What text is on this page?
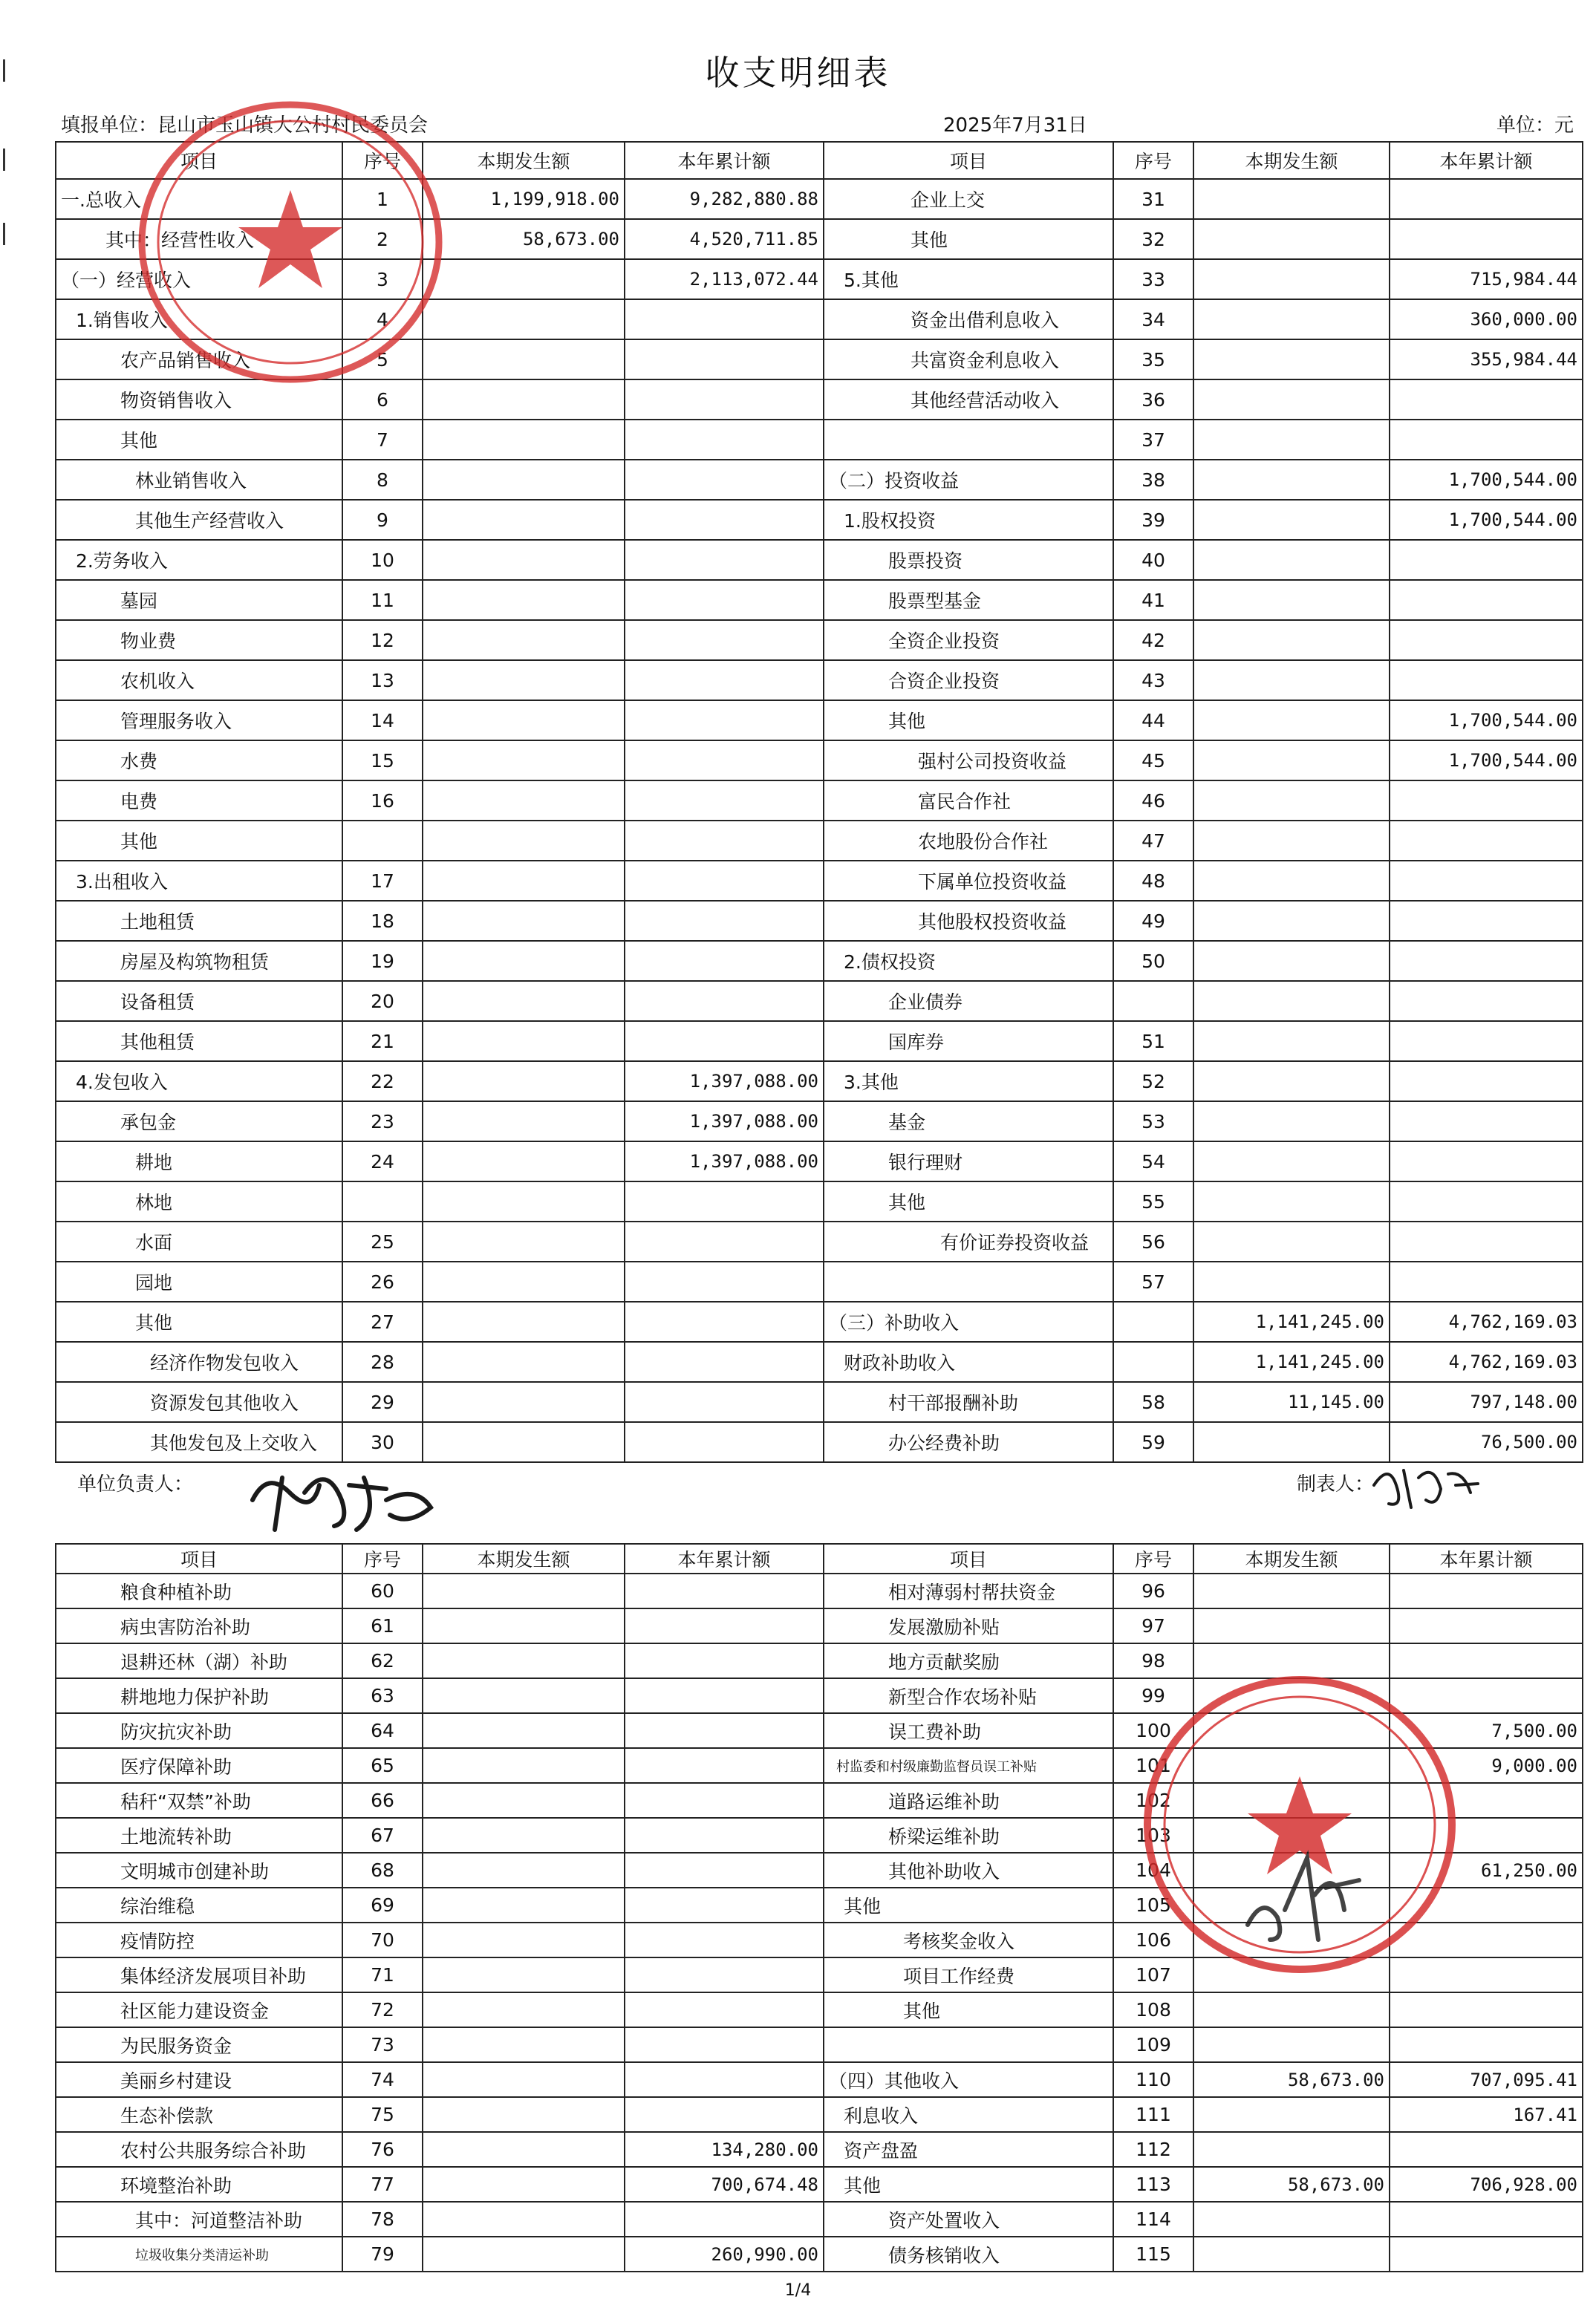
收支明细表
填报单位：昆山市玉山镇大公村村民委员会	2025年7月31日	单位：元
项目	序号	本期发生额	本年累计额	项目	序号	本期发生额	本年累计额
一.总收入	1	1,199,918.00	9,282,880.88	企业上交	31		
其中：经营性收入	2	58,673.00	4,520,711.85	其他	32		
（一）经营收入	3		2,113,072.44	5.其他	33		715,984.44
1.销售收入	4			资金出借利息收入	34		360,000.00
农产品销售收入	5			共富资金利息收入	35		355,984.44
物资销售收入	6			其他经营活动收入	36		
其他	7				37		
林业销售收入	8			（二）投资收益	38		1,700,544.00
其他生产经营收入	9			1.股权投资	39		1,700,544.00
2.劳务收入	10			股票投资	40		
墓园	11			股票型基金	41		
物业费	12			全资企业投资	42		
农机收入	13			合资企业投资	43		
管理服务收入	14			其他	44		1,700,544.00
水费	15			强村公司投资收益	45		1,700,544.00
电费	16			富民合作社	46		
其他				农地股份合作社	47		
3.出租收入	17			下属单位投资收益	48		
土地租赁	18			其他股权投资收益	49		
房屋及构筑物租赁	19			2.债权投资	50		
设备租赁	20			企业债券			
其他租赁	21			国库券	51		
4.发包收入	22		1,397,088.00	3.其他	52		
承包金	23		1,397,088.00	基金	53		
耕地	24		1,397,088.00	银行理财	54		
林地				其他	55		
水面	25			有价证券投资收益	56		
园地	26				57		
其他	27			（三）补助收入		1,141,245.00	4,762,169.03
经济作物发包收入	28			财政补助收入		1,141,245.00	4,762,169.03
资源发包其他收入	29			村干部报酬补助	58	11,145.00	797,148.00
其他发包及上交收入	30			办公经费补助	59		76,500.00
单位负责人：	制表人：
项目	序号	本期发生额	本年累计额	项目	序号	本期发生额	本年累计额
粮食种植补助	60			相对薄弱村帮扶资金	96		
病虫害防治补助	61			发展激励补贴	97		
退耕还林（湖）补助	62			地方贡献奖励	98		
耕地地力保护补助	63			新型合作农场补贴	99		
防灾抗灾补助	64			误工费补助	100		7,500.00
医疗保障补助	65			村监委和村级廉勤监督员误工补贴	101		9,000.00
秸秆“双禁”补助	66			道路运维补助	102		
土地流转补助	67			桥梁运维补助	103		
文明城市创建补助	68			其他补助收入	104		61,250.00
综治维稳	69			其他	105		
疫情防控	70			考核奖金收入	106		
集体经济发展项目补助	71			项目工作经费	107		
社区能力建设资金	72			其他	108		
为民服务资金	73				109		
美丽乡村建设	74			（四）其他收入	110	58,673.00	707,095.41
生态补偿款	75			利息收入	111		167.41
农村公共服务综合补助	76		134,280.00	资产盘盈	112		
环境整治补助	77		700,674.48	其他	113	58,673.00	706,928.00
其中：河道整洁补助	78			资产处置收入	114		
垃圾收集分类清运补助	79		260,990.00	债务核销收入	115		
1/4
